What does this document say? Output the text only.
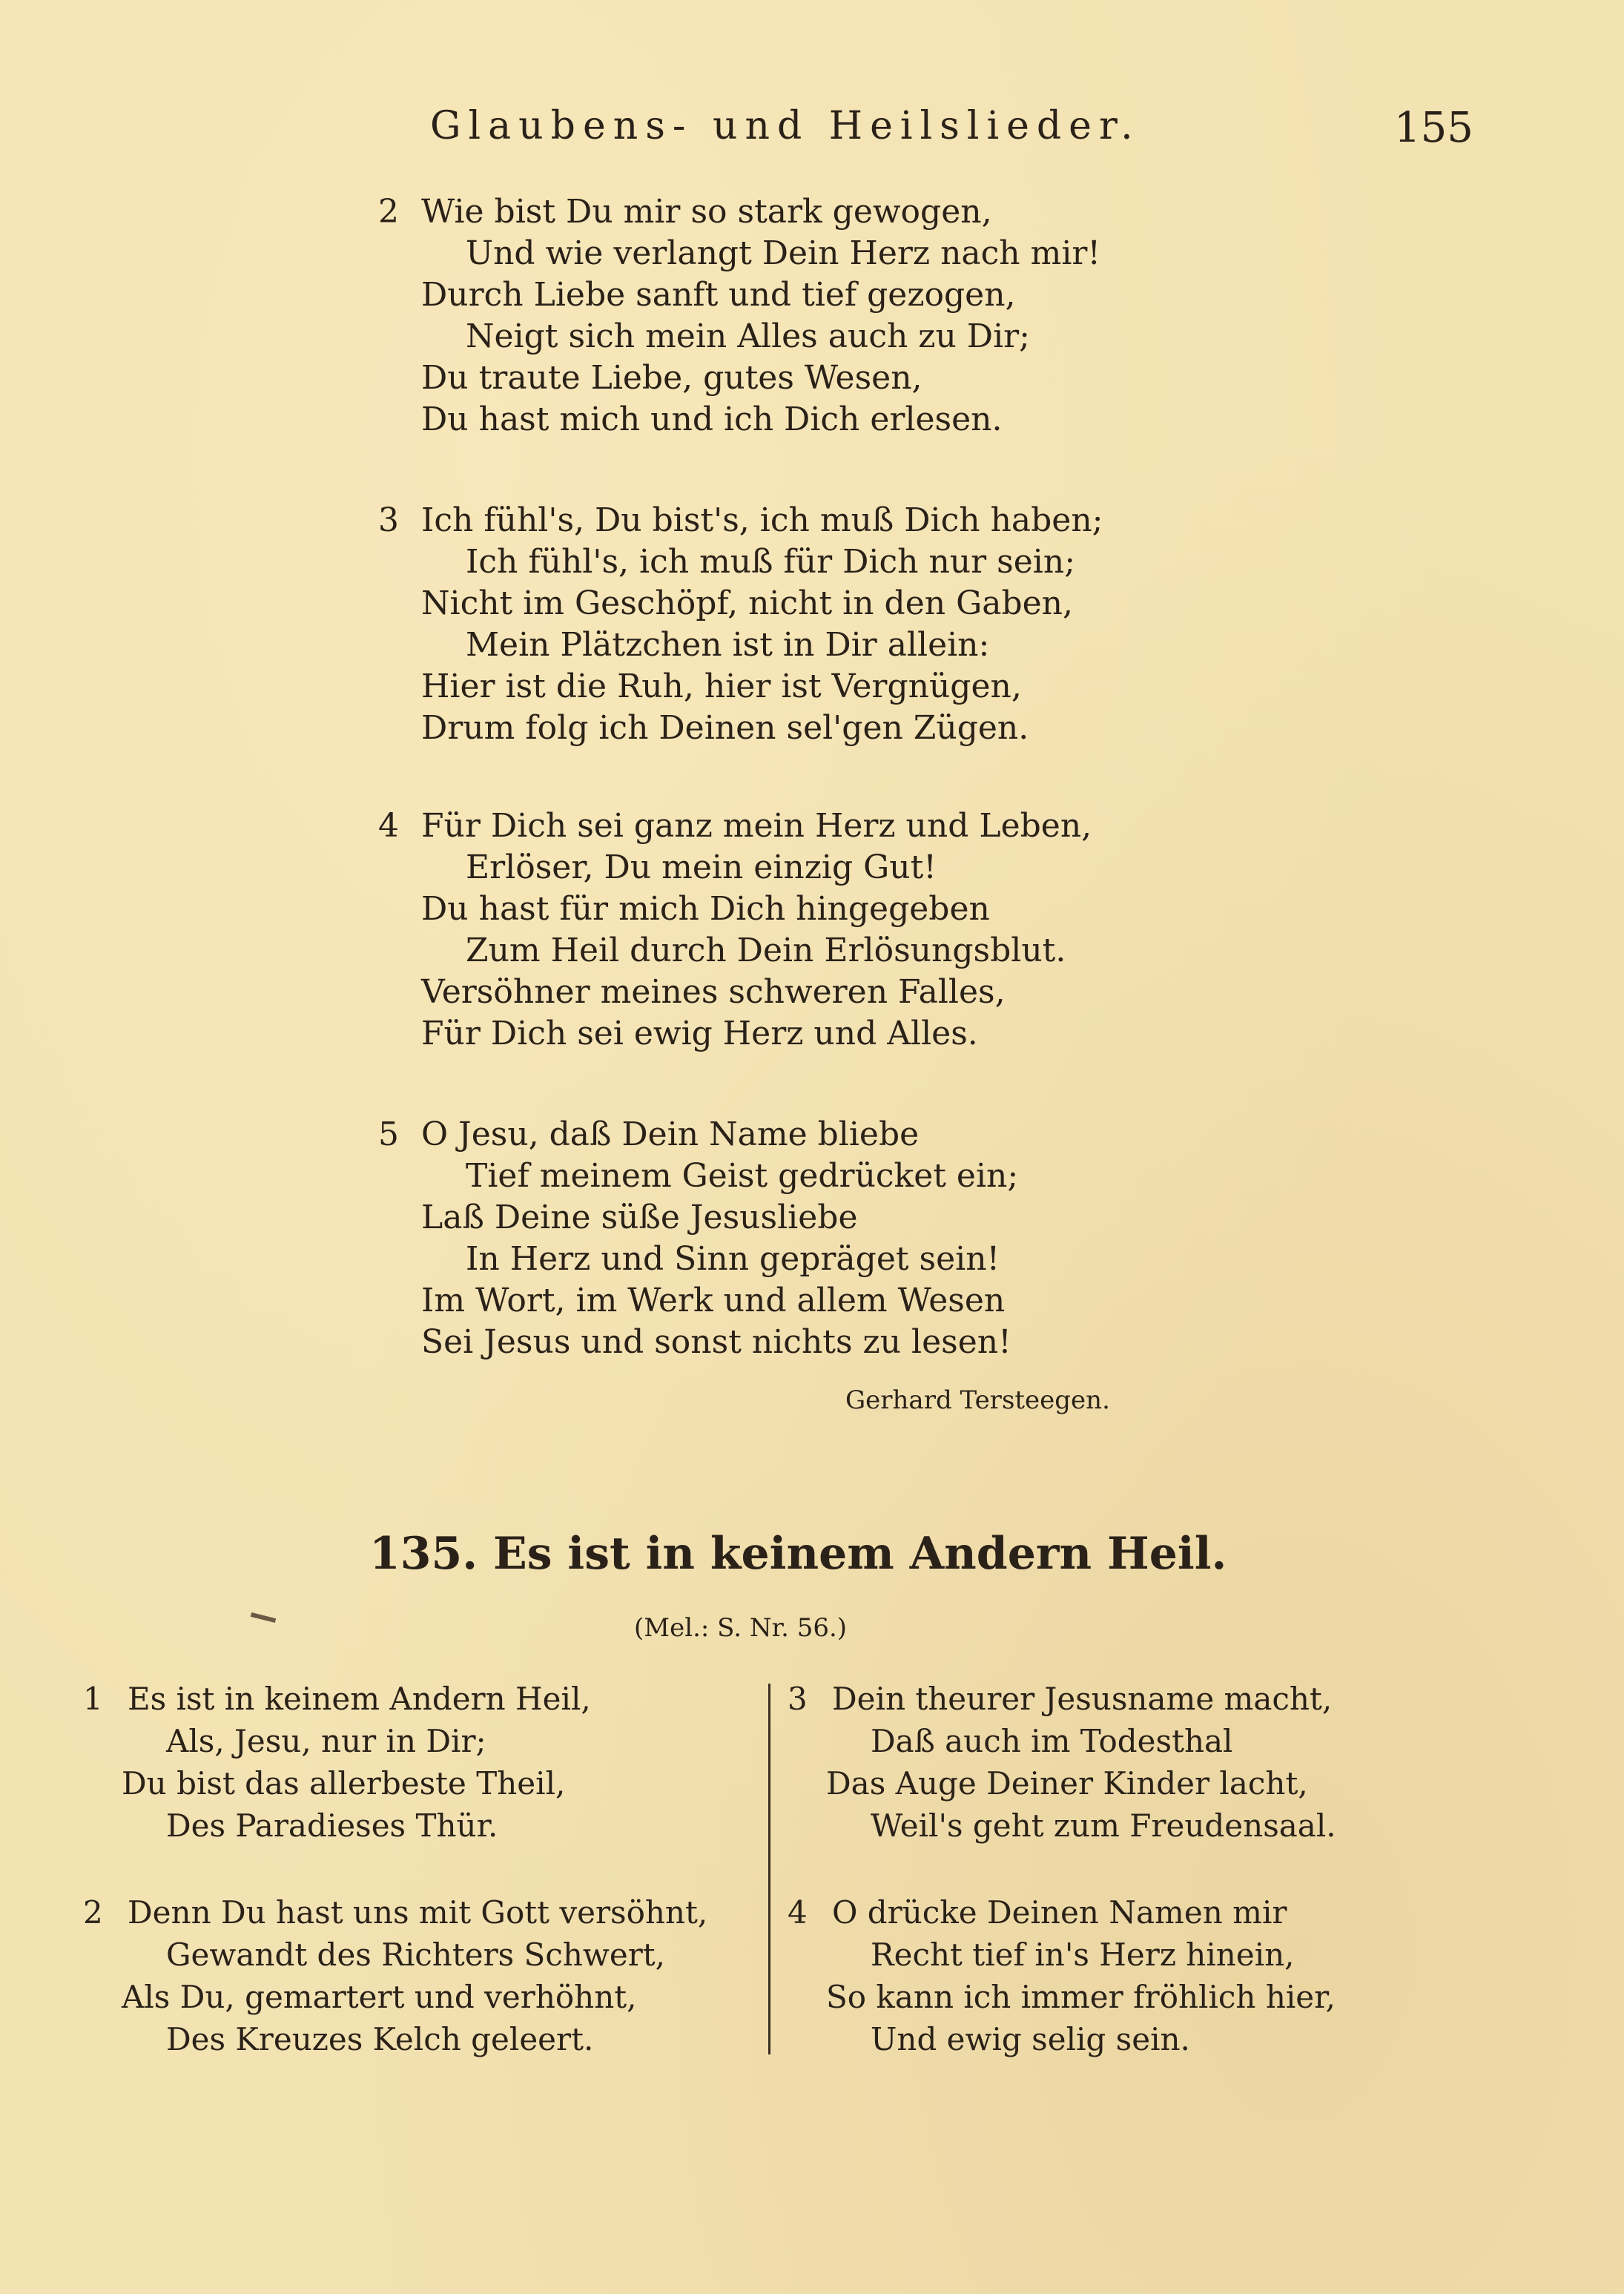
Glaubens- und Heilslieder.	155
2 Wie bist Du mir so stark gewogen,
Und wie verlangt Dein Herz nach mir!
Durch Liebe sanft und tief gezogen,
Neigt sich mein Alles auch zu Dir;
Du traute Liebe, gutes Wesen,
Du hast mich und ich Dich erlesen.
3 Ich fühl's, Du bist's, ich muß Dich haben;
Ich fühl's, ich muß für Dich nur sein;
Nicht im Geschöpf, nicht in den Gaben,
Mein Plätzchen ist in Dir allein:
Hier ist die Ruh, hier ist Vergnügen,
Drum folg ich Deinen sel'gen Zügen.
4 Für Dich sei ganz mein Herz und Leben,
Erlöser, Du mein einzig Gut!
Du hast für mich Dich hingegeben
Zum Heil durch Dein Erlösungsblut.
Versöhner meines schweren Falles,
Für Dich sei ewig Herz und Alles.
5 O Jesu, daß Dein Name bliebe
Tief meinem Geist gedrücket ein;
Laß Deine süße Jesusliebe
In Herz und Sinn gepräget sein!
Im Wort, im Werk und allem Wesen
Sei Jesus und sonst nichts zu lesen!
Gerhard Tersteegen.
135. Es ist in keinem Andern Heil.
(Mel.: S. Nr. 56.)
1 Es ist in keinem Andern Heil,
Als, Jesu, nur in Dir;
Du bist das allerbeste Theil,
Des Paradieses Thür.
2 Denn Du hast uns mit Gott versöhnt,
Gewandt des Richters Schwert,
Als Du, gemartert und verhöhnt,
Des Kreuzes Kelch geleert.
3 Dein theurer Jesusname macht,
Daß auch im Todesthal
Das Auge Deiner Kinder lacht,
Weil's geht zum Freudensaal.
4 O drücke Deinen Namen mir
Recht tief in's Herz hinein,
So kann ich immer fröhlich hier,
Und ewig selig sein.
